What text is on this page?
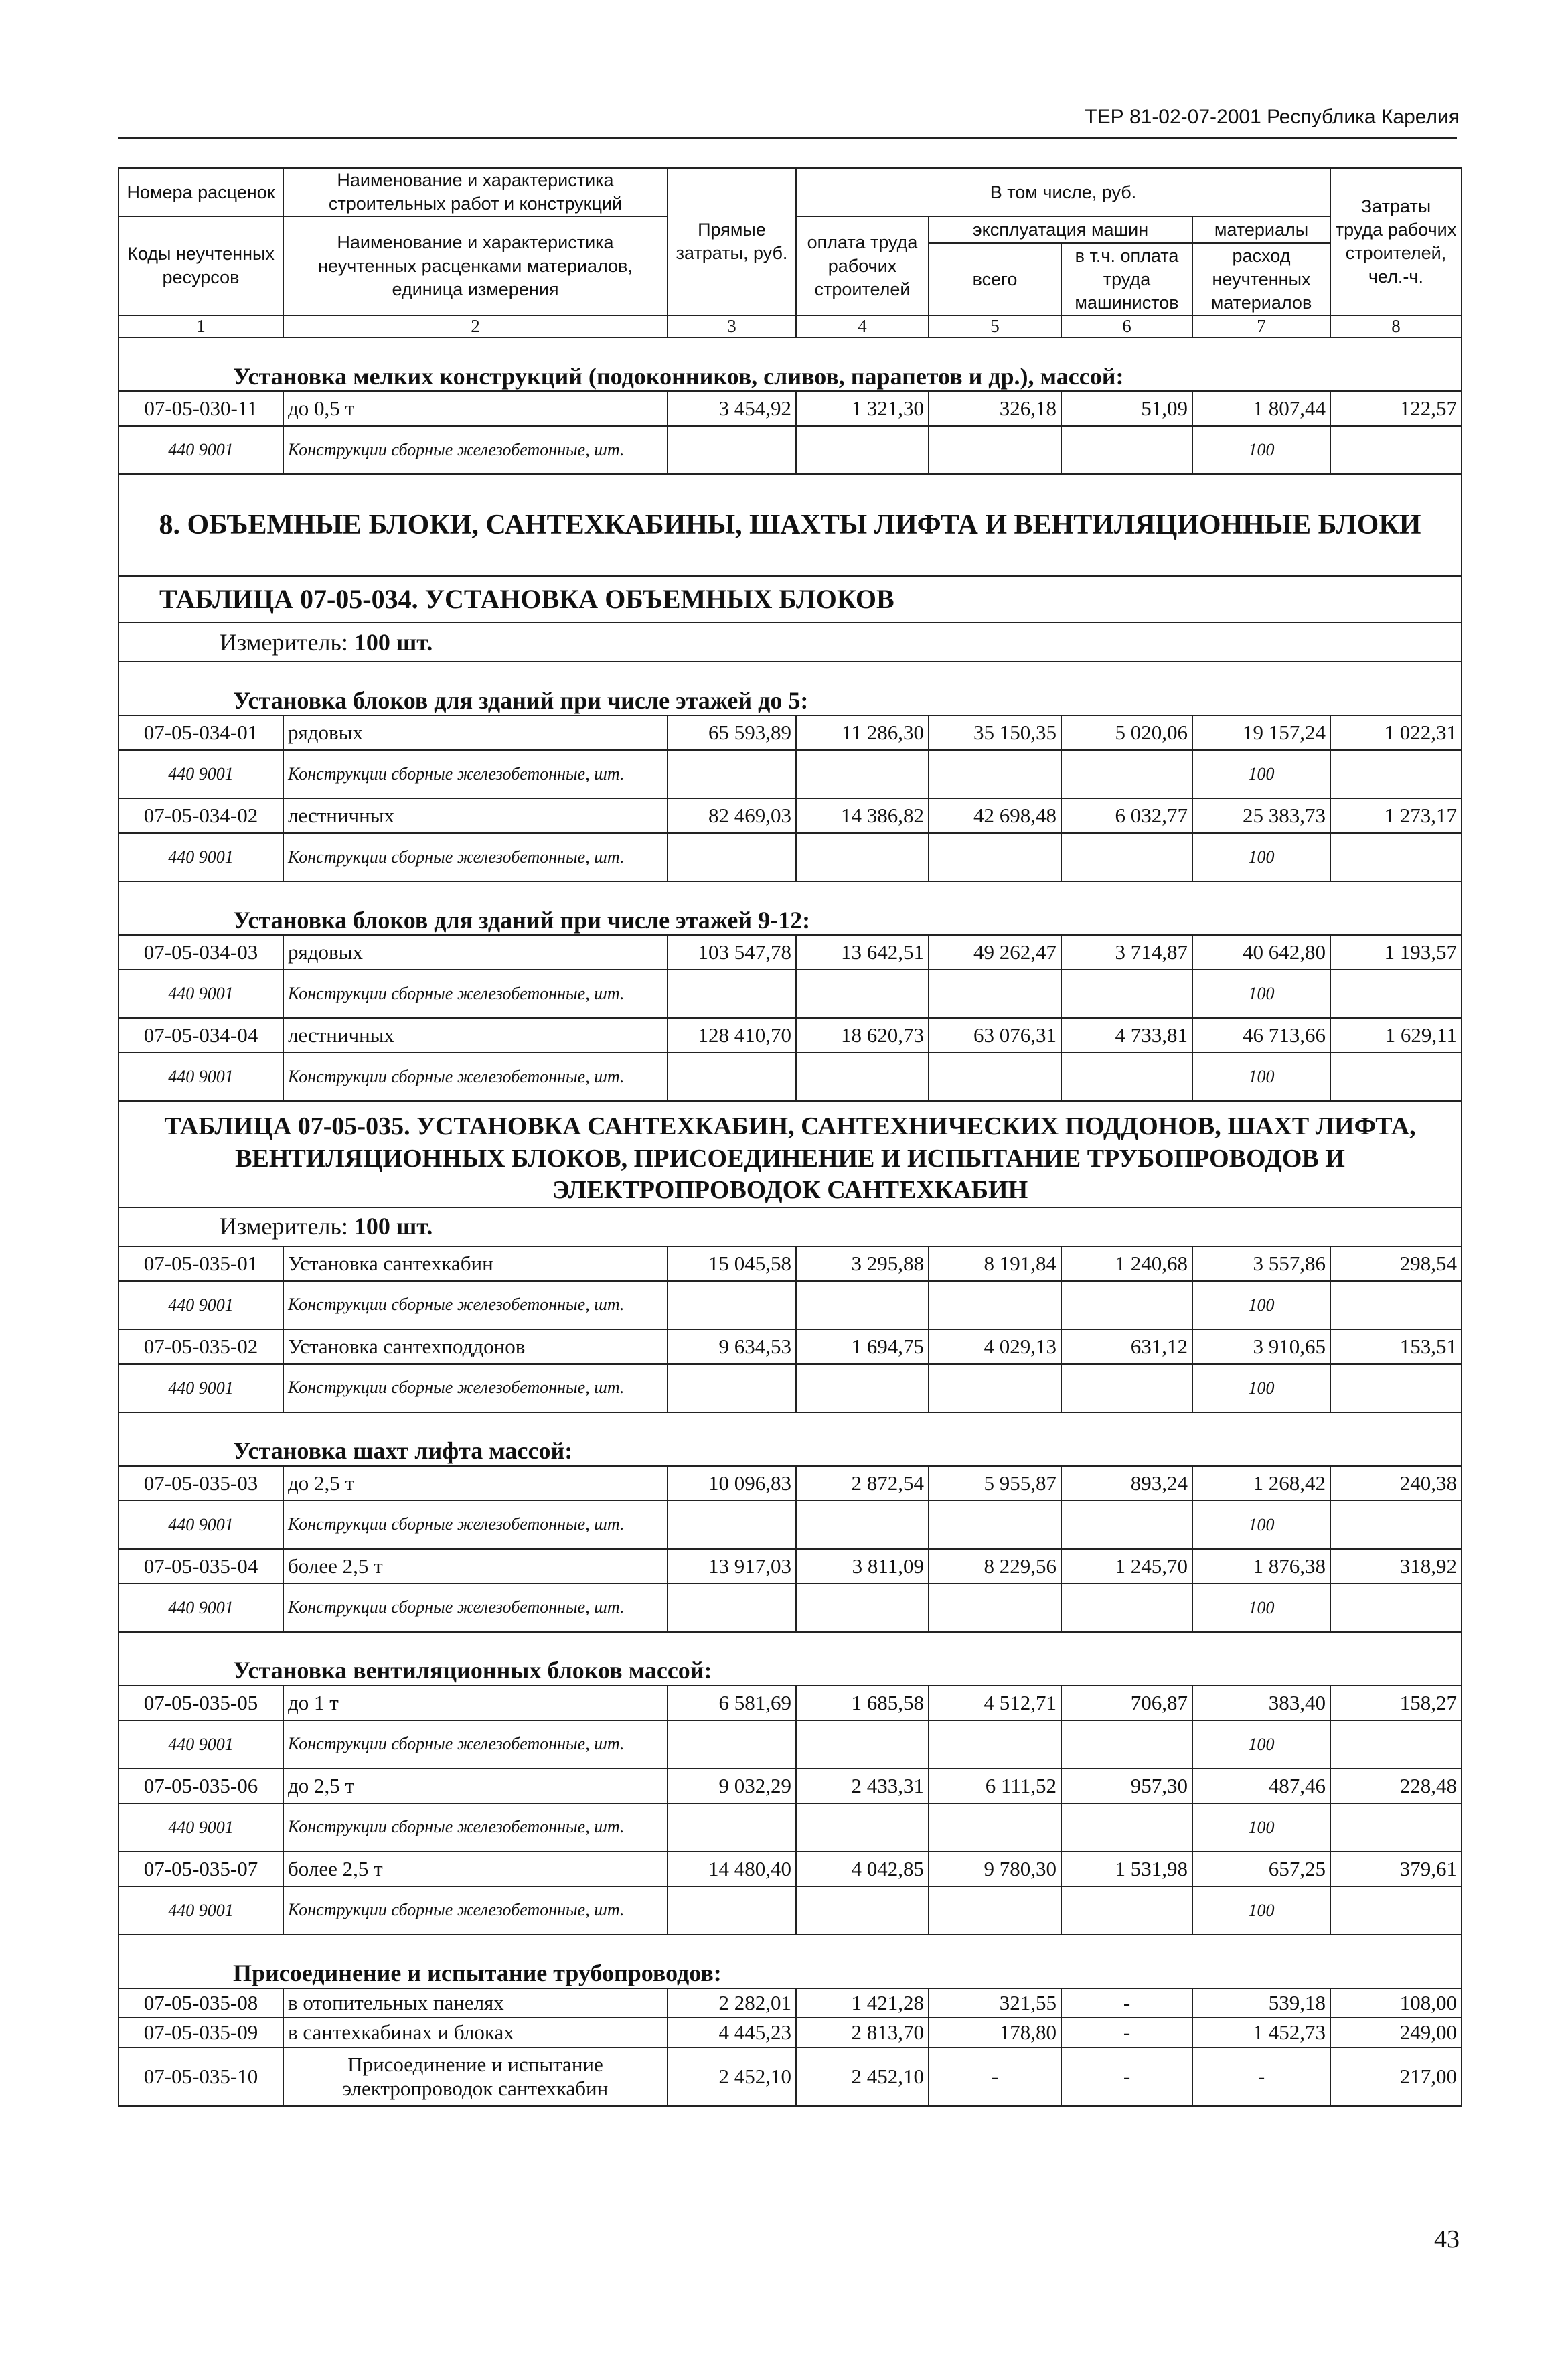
ТЕР 81-02-07-2001 Республика Карелия
Номера расценок	Наименование и характеристика строительных работ и конструкций	Прямые затраты, руб.	В том числе, руб.				Затраты труда рабочих строителей, чел.-ч.
Коды неучтенных ресурсов	Наименование и характеристика неучтенных расценками материалов, единица измерения		оплата труда рабочих строителей	эксплуатация машин		материалы	
				всего	в т.ч. оплата труда машинистов	расход неучтенных материалов	
1	2	3	4	5	6	7	8
Установка мелких конструкций (подоконников, сливов, парапетов и др.), массой:							
07-05-030-11	до 0,5 т	3 454,92	1 321,30	326,18	51,09	1 807,44	122,57
440 9001	Конструкции сборные железобетонные, шт.					100	
8. ОБЪЕМНЫЕ БЛОКИ, САНТЕХКАБИНЫ, ШАХТЫ ЛИФТА И ВЕНТИЛЯЦИОННЫЕ БЛОКИ							
ТАБЛИЦА 07-05-034. УСТАНОВКА ОБЪЕМНЫХ БЛОКОВ							
Измеритель: 100 шт.							
Установка блоков для зданий при числе этажей до 5:							
07-05-034-01	рядовых	65 593,89	11 286,30	35 150,35	5 020,06	19 157,24	1 022,31
440 9001	Конструкции сборные железобетонные, шт.					100	
07-05-034-02	лестничных	82 469,03	14 386,82	42 698,48	6 032,77	25 383,73	1 273,17
440 9001	Конструкции сборные железобетонные, шт.					100	
Установка блоков для зданий при числе этажей 9-12:							
07-05-034-03	рядовых	103 547,78	13 642,51	49 262,47	3 714,87	40 642,80	1 193,57
440 9001	Конструкции сборные железобетонные, шт.					100	
07-05-034-04	лестничных	128 410,70	18 620,73	63 076,31	4 733,81	46 713,66	1 629,11
440 9001	Конструкции сборные железобетонные, шт.					100	
ТАБЛИЦА 07-05-035. УСТАНОВКА САНТЕХКАБИН, САНТЕХНИЧЕСКИХ ПОДДОНОВ, ШАХТ ЛИФТА, ВЕНТИЛЯЦИОННЫХ БЛОКОВ, ПРИСОЕДИНЕНИЕ И ИСПЫТАНИЕ ТРУБОПРОВОДОВ И ЭЛЕКТРОПРОВОДОК САНТЕХКАБИН							
Измеритель: 100 шт.							
07-05-035-01	Установка сантехкабин	15 045,58	3 295,88	8 191,84	1 240,68	3 557,86	298,54
440 9001	Конструкции сборные железобетонные, шт.					100	
07-05-035-02	Установка сантехподдонов	9 634,53	1 694,75	4 029,13	631,12	3 910,65	153,51
440 9001	Конструкции сборные железобетонные, шт.					100	
Установка шахт лифта массой:							
07-05-035-03	до 2,5 т	10 096,83	2 872,54	5 955,87	893,24	1 268,42	240,38
440 9001	Конструкции сборные железобетонные, шт.					100	
07-05-035-04	более 2,5 т	13 917,03	3 811,09	8 229,56	1 245,70	1 876,38	318,92
440 9001	Конструкции сборные железобетонные, шт.					100	
Установка вентиляционных блоков массой:							
07-05-035-05	до 1 т	6 581,69	1 685,58	4 512,71	706,87	383,40	158,27
440 9001	Конструкции сборные железобетонные, шт.					100	
07-05-035-06	до 2,5 т	9 032,29	2 433,31	6 111,52	957,30	487,46	228,48
440 9001	Конструкции сборные железобетонные, шт.					100	
07-05-035-07	более 2,5 т	14 480,40	4 042,85	9 780,30	1 531,98	657,25	379,61
440 9001	Конструкции сборные железобетонные, шт.					100	
Присоединение и испытание трубопроводов:							
07-05-035-08	в отопительных панелях	2 282,01	1 421,28	321,55	-	539,18	108,00
07-05-035-09	в сантехкабинах и блоках	4 445,23	2 813,70	178,80	-	1 452,73	249,00
07-05-035-10	Присоединение и испытание электропроводок сантехкабин	2 452,10	2 452,10	-	-	-	217,00
43
